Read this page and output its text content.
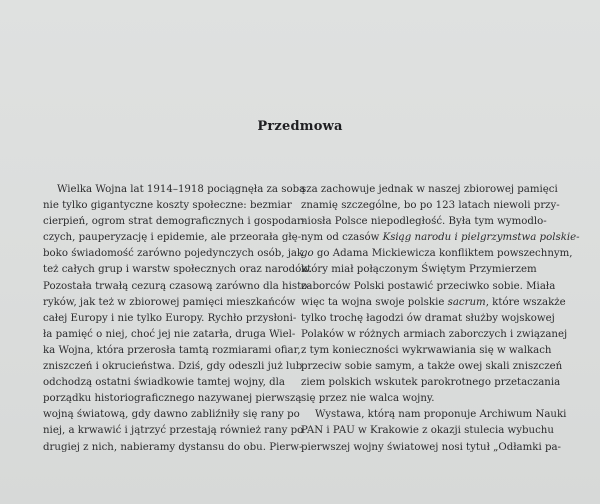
Przedmowa
Wielka Wojna lat 1914–1918 pociągnęła za sobą
nie tylko gigantyczne koszty społeczne: bezmiar
cierpień, ogrom strat demograficznych i gospodar-
czych, pauperyzację i epidemie, ale przeorała głę-
boko świadomość zarówno pojedynczych osób, jak
też całych grup i warstw społecznych oraz narodów.
Pozostała trwałą cezurą czasową zarówno dla histo-
ryków, jak też w zbiorowej pamięci mieszkańców
całej Europy i nie tylko Europy. Rychło przysłoni-
ła pamięć o niej, choć jej nie zatarła, druga Wiel-
ka Wojna, która przerosła tamtą rozmiarami ofiar,
zniszczeń i okrucieństwa. Dziś, gdy odeszli już lub
odchodzą ostatni świadkowie tamtej wojny, dla
porządku historiograficznego nazywanej pierwszą
wojną światową, gdy dawno zabliźniły się rany po
niej, a krwawić i jątrzyć przestają również rany po
drugiej z nich, nabieramy dystansu do obu. Pierw-
sza zachowuje jednak w naszej zbiorowej pamięci
znamię szczególne, bo po 123 latach niewoli przy-
niosła Polsce niepodległość. Była tym wymodlo-
nym od czasów Ksiąg narodu i pielgrzymstwa polskie-
go go Adama Mickiewicza konfliktem powszechnym,
który miał połączonym Świętym Przymierzem
zaborców Polski postawić przeciwko sobie. Miała
więc ta wojna swoje polskie sacrum, które wszakże
tylko trochę łagodzi ów dramat służby wojskowej
Polaków w różnych armiach zaborczych i związanej
z tym konieczności wykrwawiania się w walkach
przeciw sobie samym, a także owej skali zniszczeń
ziem polskich wskutek parokrotnego przetaczania
się przez nie walca wojny.
Wystawa, którą nam proponuje Archiwum Nauki
PAN i PAU w Krakowie z okazji stulecia wybuchu
pierwszej wojny światowej nosi tytuł „Odłamki pa-
